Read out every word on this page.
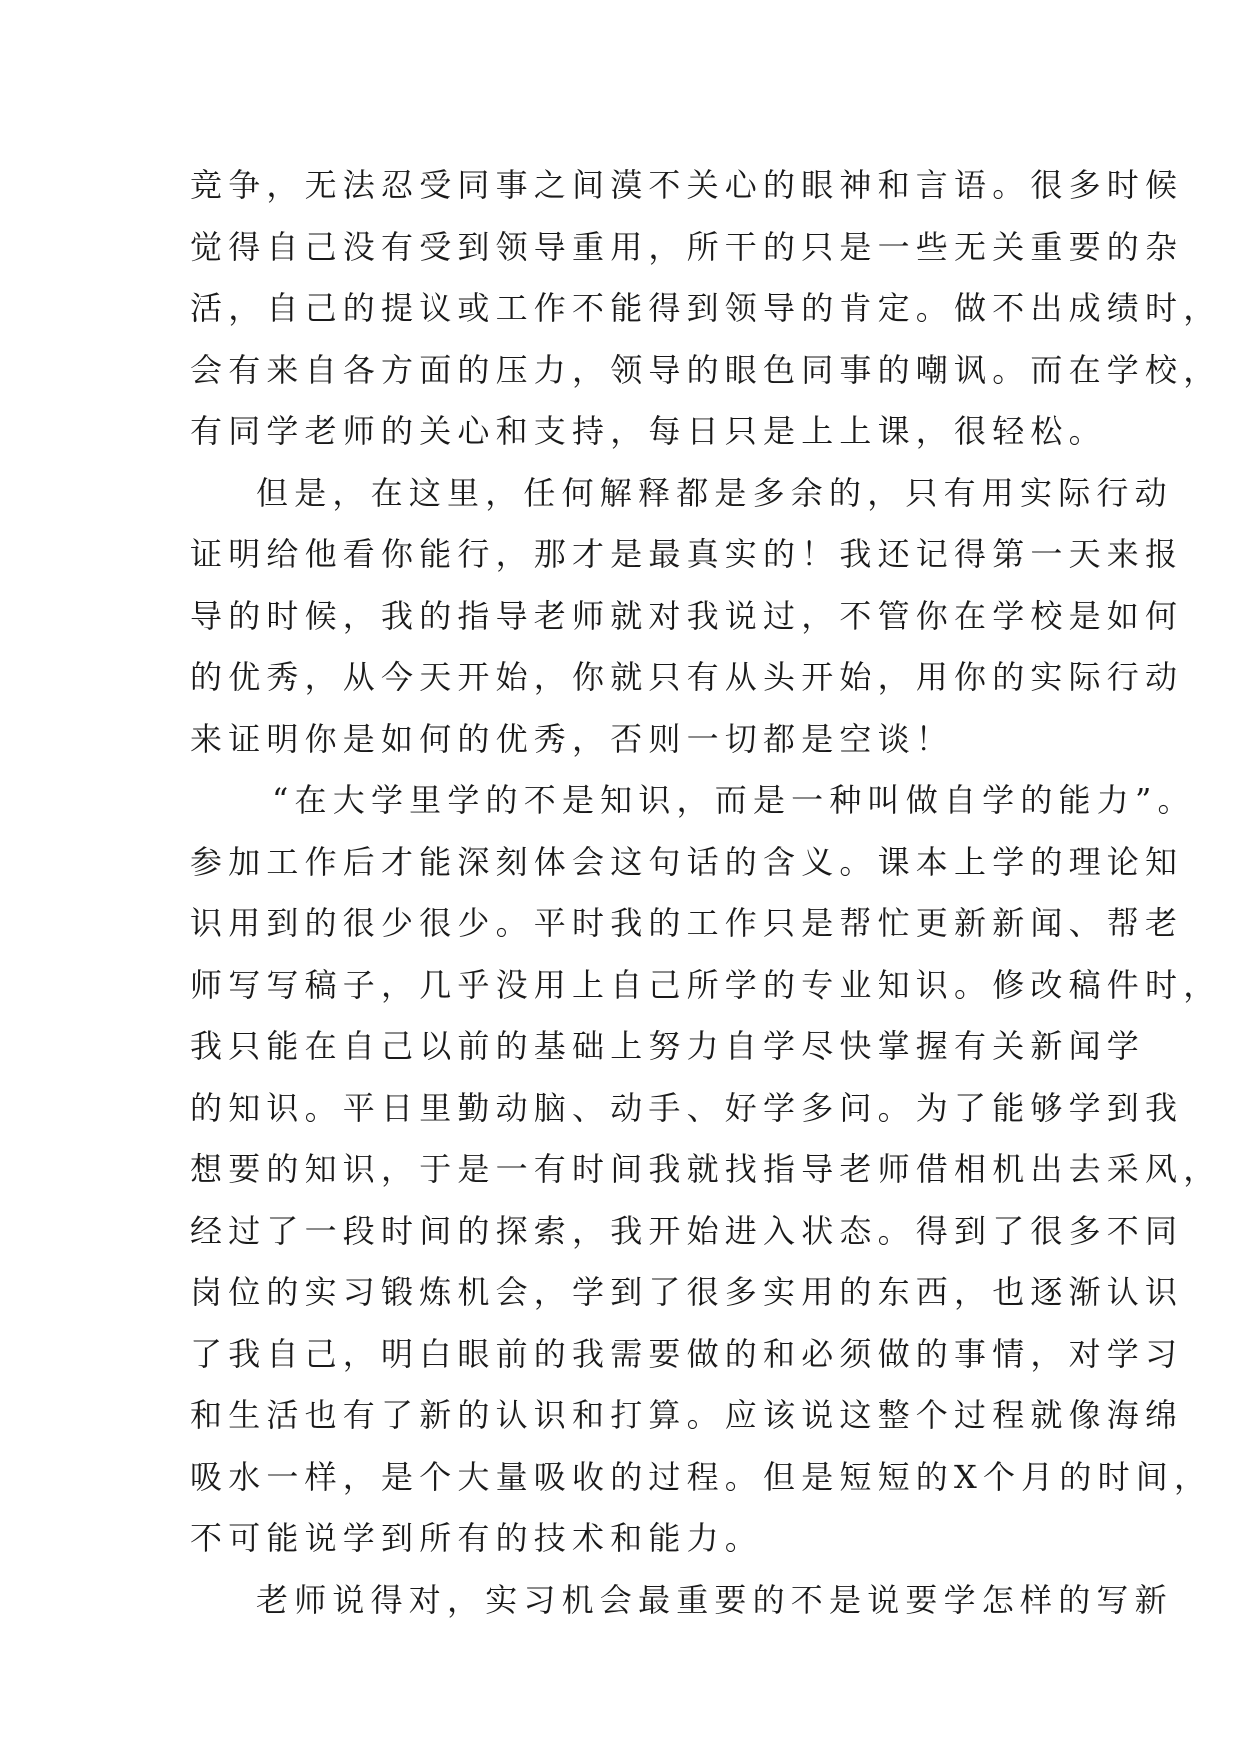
竞争，无法忍受同事之间漠不关心的眼神和言语。很多时候
觉得自己没有受到领导重用，所干的只是一些无关重要的杂
活，自己的提议或工作不能得到领导的肯定。做不出成绩时，
会有来自各方面的压力，领导的眼色同事的嘲讽。而在学校，
有同学老师的关心和支持，每日只是上上课，很轻松。
但是，在这里，任何解释都是多余的，只有用实际行动
证明给他看你能行，那才是最真实的！我还记得第一天来报
导的时候，我的指导老师就对我说过，不管你在学校是如何
的优秀，从今天开始，你就只有从头开始，用你的实际行动
来证明你是如何的优秀，否则一切都是空谈！
“在大学里学的不是知识，而是一种叫做自学的能力”。
参加工作后才能深刻体会这句话的含义。课本上学的理论知
识用到的很少很少。平时我的工作只是帮忙更新新闻、帮老
师写写稿子，几乎没用上自己所学的专业知识。修改稿件时，
我只能在自己以前的基础上努力自学尽快掌握有关新闻学
的知识。平日里勤动脑、动手、好学多问。为了能够学到我
想要的知识，于是一有时间我就找指导老师借相机出去采风，
经过了一段时间的探索，我开始进入状态。得到了很多不同
岗位的实习锻炼机会，学到了很多实用的东西，也逐渐认识
了我自己，明白眼前的我需要做的和必须做的事情，对学习
和生活也有了新的认识和打算。应该说这整个过程就像海绵
吸水一样，是个大量吸收的过程。但是短短的X个月的时间，
不可能说学到所有的技术和能力。
老师说得对，实习机会最重要的不是说要学怎样的写新
